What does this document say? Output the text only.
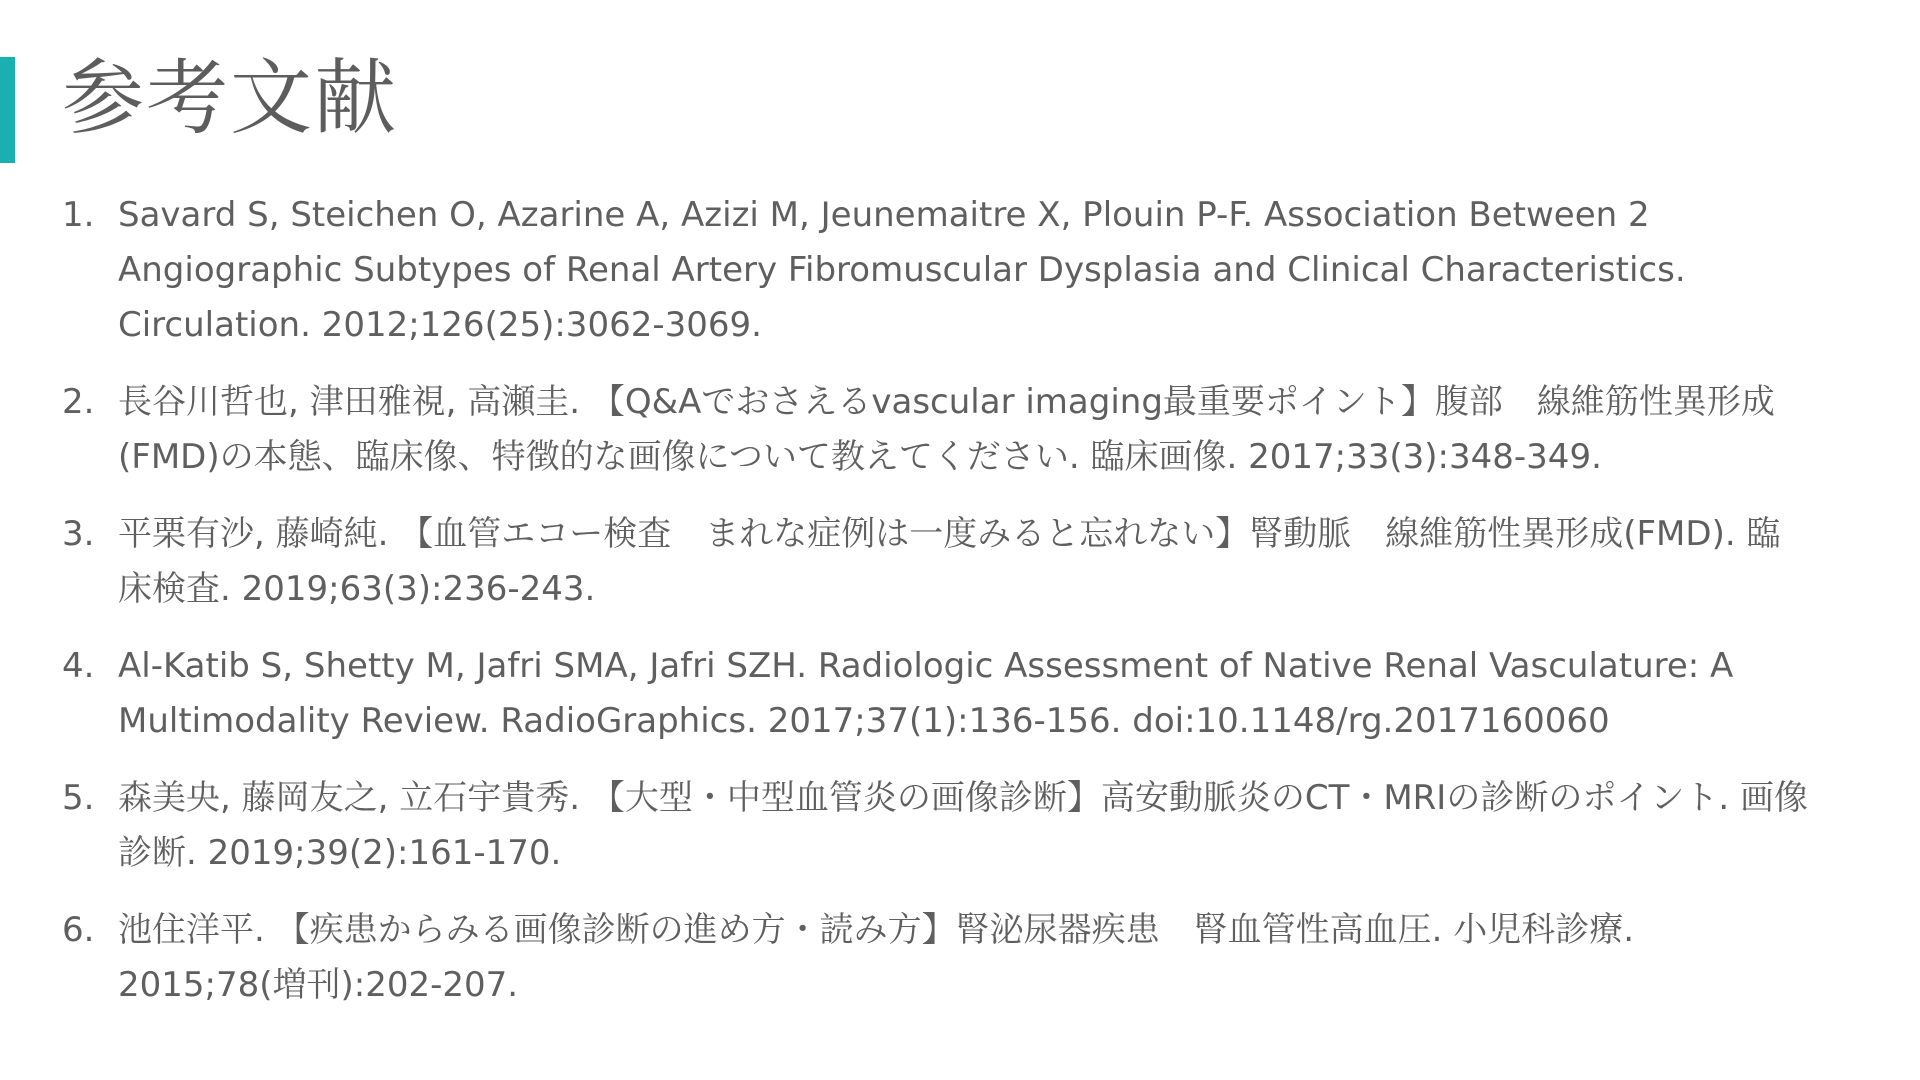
参考文献
1. Savard S, Steichen O, Azarine A, Azizi M, Jeunemaitre X, Plouin P-F. Association Between 2
Angiographic Subtypes of Renal Artery Fibromuscular Dysplasia and Clinical Characteristics.
Circulation. 2012;126(25):3062-3069.
2. 長谷川哲也, 津田雅視, 高瀬圭. 【Q&Aでおさえるvascular imaging最重要ポイント】腹部　線維筋性異形成
(FMD)の本態、臨床像、特徴的な画像について教えてください. 臨床画像. 2017;33(3):348-349.
3. 平栗有沙, 藤崎純. 【血管エコー検査　まれな症例は一度みると忘れない】腎動脈　線維筋性異形成(FMD). 臨
床検査. 2019;63(3):236-243.
4. Al-Katib S, Shetty M, Jafri SMA, Jafri SZH. Radiologic Assessment of Native Renal Vasculature: A
Multimodality Review. RadioGraphics. 2017;37(1):136-156. doi:10.1148/rg.2017160060
5. 森美央, 藤岡友之, 立石宇貴秀. 【大型・中型血管炎の画像診断】高安動脈炎のCT・MRIの診断のポイント. 画像
診断. 2019;39(2):161-170.
6. 池住洋平. 【疾患からみる画像診断の進め方・読み方】腎泌尿器疾患　腎血管性高血圧. 小児科診療.
2015;78(増刊):202-207.
